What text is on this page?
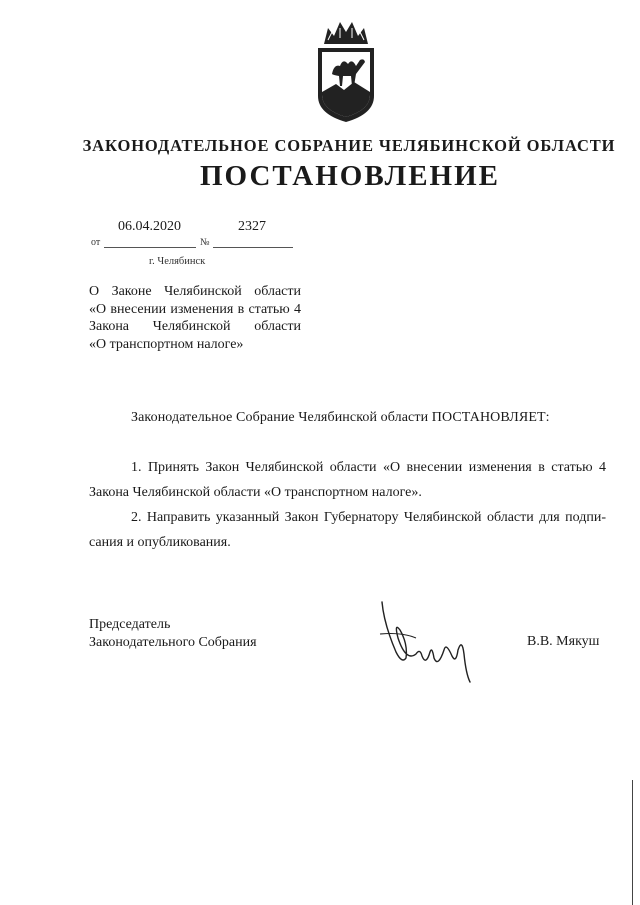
ЗАКОНОДАТЕЛЬНОЕ СОБРАНИЕ ЧЕЛЯБИНСКОЙ ОБЛАСТИ
ПОСТАНОВЛЕНИЕ
06.04.2020	2327
от	№
г. Челябинск
О Законе Челябинской области
«О внесении изменения в статью 4
Закона Челябинской области
«О транспортном налоге»
Законодательное Собрание Челябинской области ПОСТАНОВЛЯЕТ:
1. Принять Закон Челябинской области «О внесении изменения в статью 4
Закона Челябинской области «О транспортном налоге».
2. Направить указанный Закон Губернатору Челябинской области для подпи-
сания и опубликования.
Председатель
Законодательного Собрания	В.В. Мякуш
